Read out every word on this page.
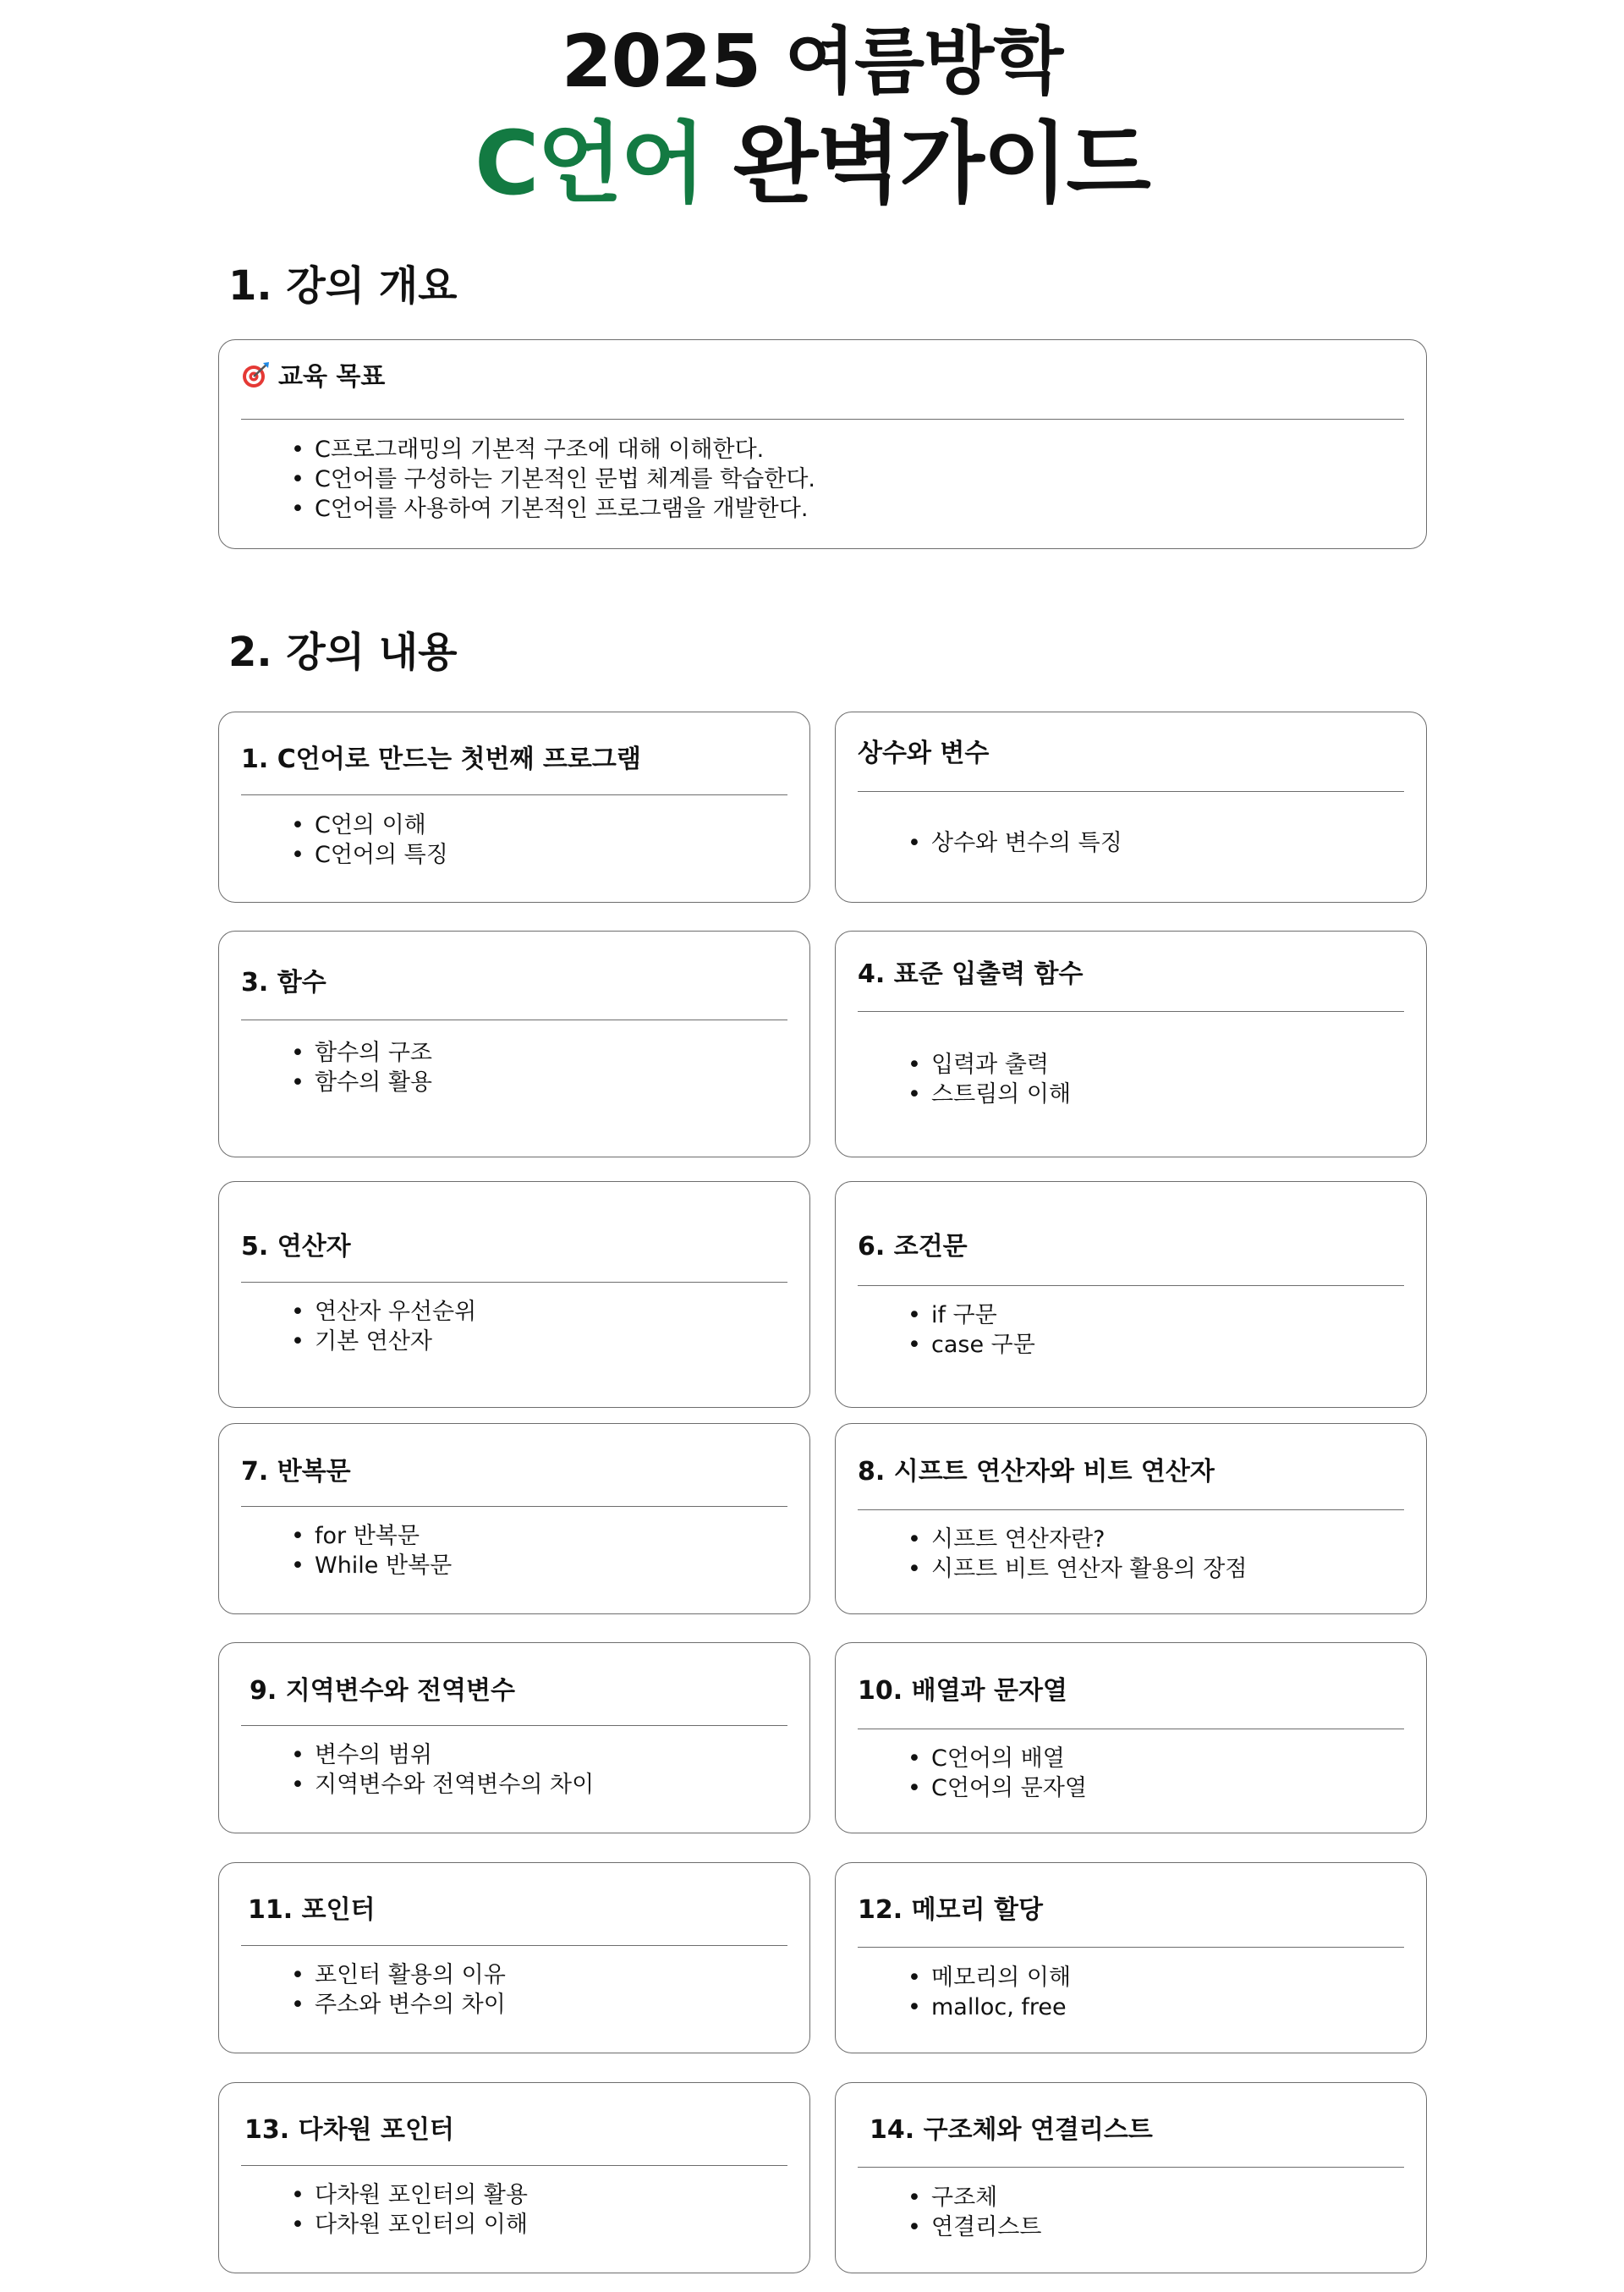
2025 여름방학
C언어 완벽가이드
1. 강의 개요
교육 목표
• C프로그래밍의 기본적 구조에 대해 이해한다.
• C언어를 구성하는 기본적인 문법 체계를 학습한다.
• C언어를 사용하여 기본적인 프로그램을 개발한다.
2. 강의 내용
1. C언어로 만드는 첫번째 프로그램
• C언의 이해
• C언어의 특징
상수와 변수
• 상수와 변수의 특징
3. 함수
• 함수의 구조
• 함수의 활용
4. 표준 입출력 함수
• 입력과 출력
• 스트림의 이해
5. 연산자
• 연산자 우선순위
• 기본 연산자
6. 조건문
• if 구문
• case 구문
7. 반복문
• for 반복문
• While 반복문
8. 시프트 연산자와 비트 연산자
• 시프트 연산자란?
• 시프트 비트 연산자 활용의 장점
9. 지역변수와 전역변수
• 변수의 범위
• 지역변수와 전역변수의 차이
10. 배열과 문자열
• C언어의 배열
• C언어의 문자열
11. 포인터
• 포인터 활용의 이유
• 주소와 변수의 차이
12. 메모리 할당
• 메모리의 이해
• malloc, free
13. 다차원 포인터
• 다차원 포인터의 활용
• 다차원 포인터의 이해
14. 구조체와 연결리스트
• 구조체
• 연결리스트
